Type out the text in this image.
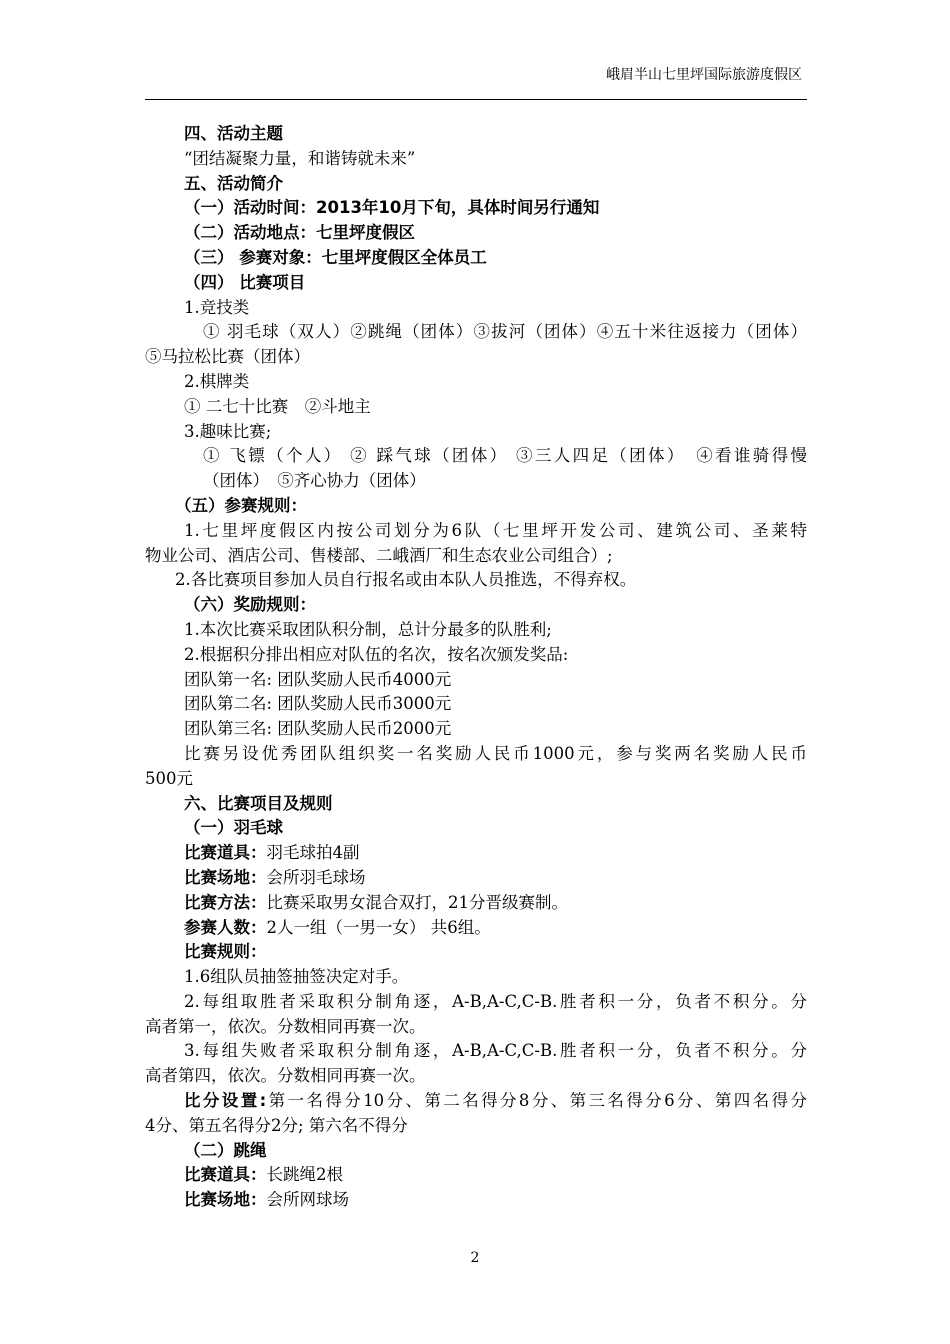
峨眉半山七里坪国际旅游度假区
四、活动主题
“团结凝聚力量，和谐铸就未来”
五、活动简介
（一）活动时间：2013年10月下旬，具体时间另行通知
（二）活动地点：七里坪度假区
（三） 参赛对象：七里坪度假区全体员工
（四） 比赛项目
1.竞技类
① 羽毛球（双人）②跳绳（团体）③拔河（团体）④五十米往返接力（团体）
⑤马拉松比赛（团体）
2.棋牌类
① 二七十比赛　②斗地主
3.趣味比赛;
① 飞镖（个人） ② 踩气球（团体） ③三人四足（团体）　④看谁骑得慢
（团体）　⑤齐心协力（团体）
（五）参赛规则：
1.七里坪度假区内按公司划分为6队（七里坪开发公司、建筑公司、圣莱特
物业公司、酒店公司、售楼部、二峨酒厂和生态农业公司组合）;
2.各比赛项目参加人员自行报名或由本队人员推选，不得弃权。
（六）奖励规则：
1.本次比赛采取团队积分制，总计分最多的队胜利;
2.根据积分排出相应对队伍的名次，按名次颁发奖品:
团队第一名: 团队奖励人民币4000元
团队第二名: 团队奖励人民币3000元
团队第三名: 团队奖励人民币2000元
比赛另设优秀团队组织奖一名奖励人民币1000元，参与奖两名奖励人民币
500元
六、比赛项目及规则
（一）羽毛球
比赛道具：羽毛球拍4副
比赛场地：会所羽毛球场
比赛方法：比赛采取男女混合双打，21分晋级赛制。
参赛人数：2人一组（一男一女） 共6组。
比赛规则：
1.6组队员抽签抽签决定对手。
2.每组取胜者采取积分制角逐，A-B,A-C,C-B.胜者积一分，负者不积分。分
高者第一，依次。分数相同再赛一次。
3.每组失败者采取积分制角逐，A-B,A-C,C-B.胜者积一分，负者不积分。分
高者第四，依次。分数相同再赛一次。
比分设置:第一名得分10分、第二名得分8分、第三名得分6分、第四名得分
4分、第五名得分2分; 第六名不得分
（二）跳绳
比赛道具：长跳绳2根
比赛场地：会所网球场
2
